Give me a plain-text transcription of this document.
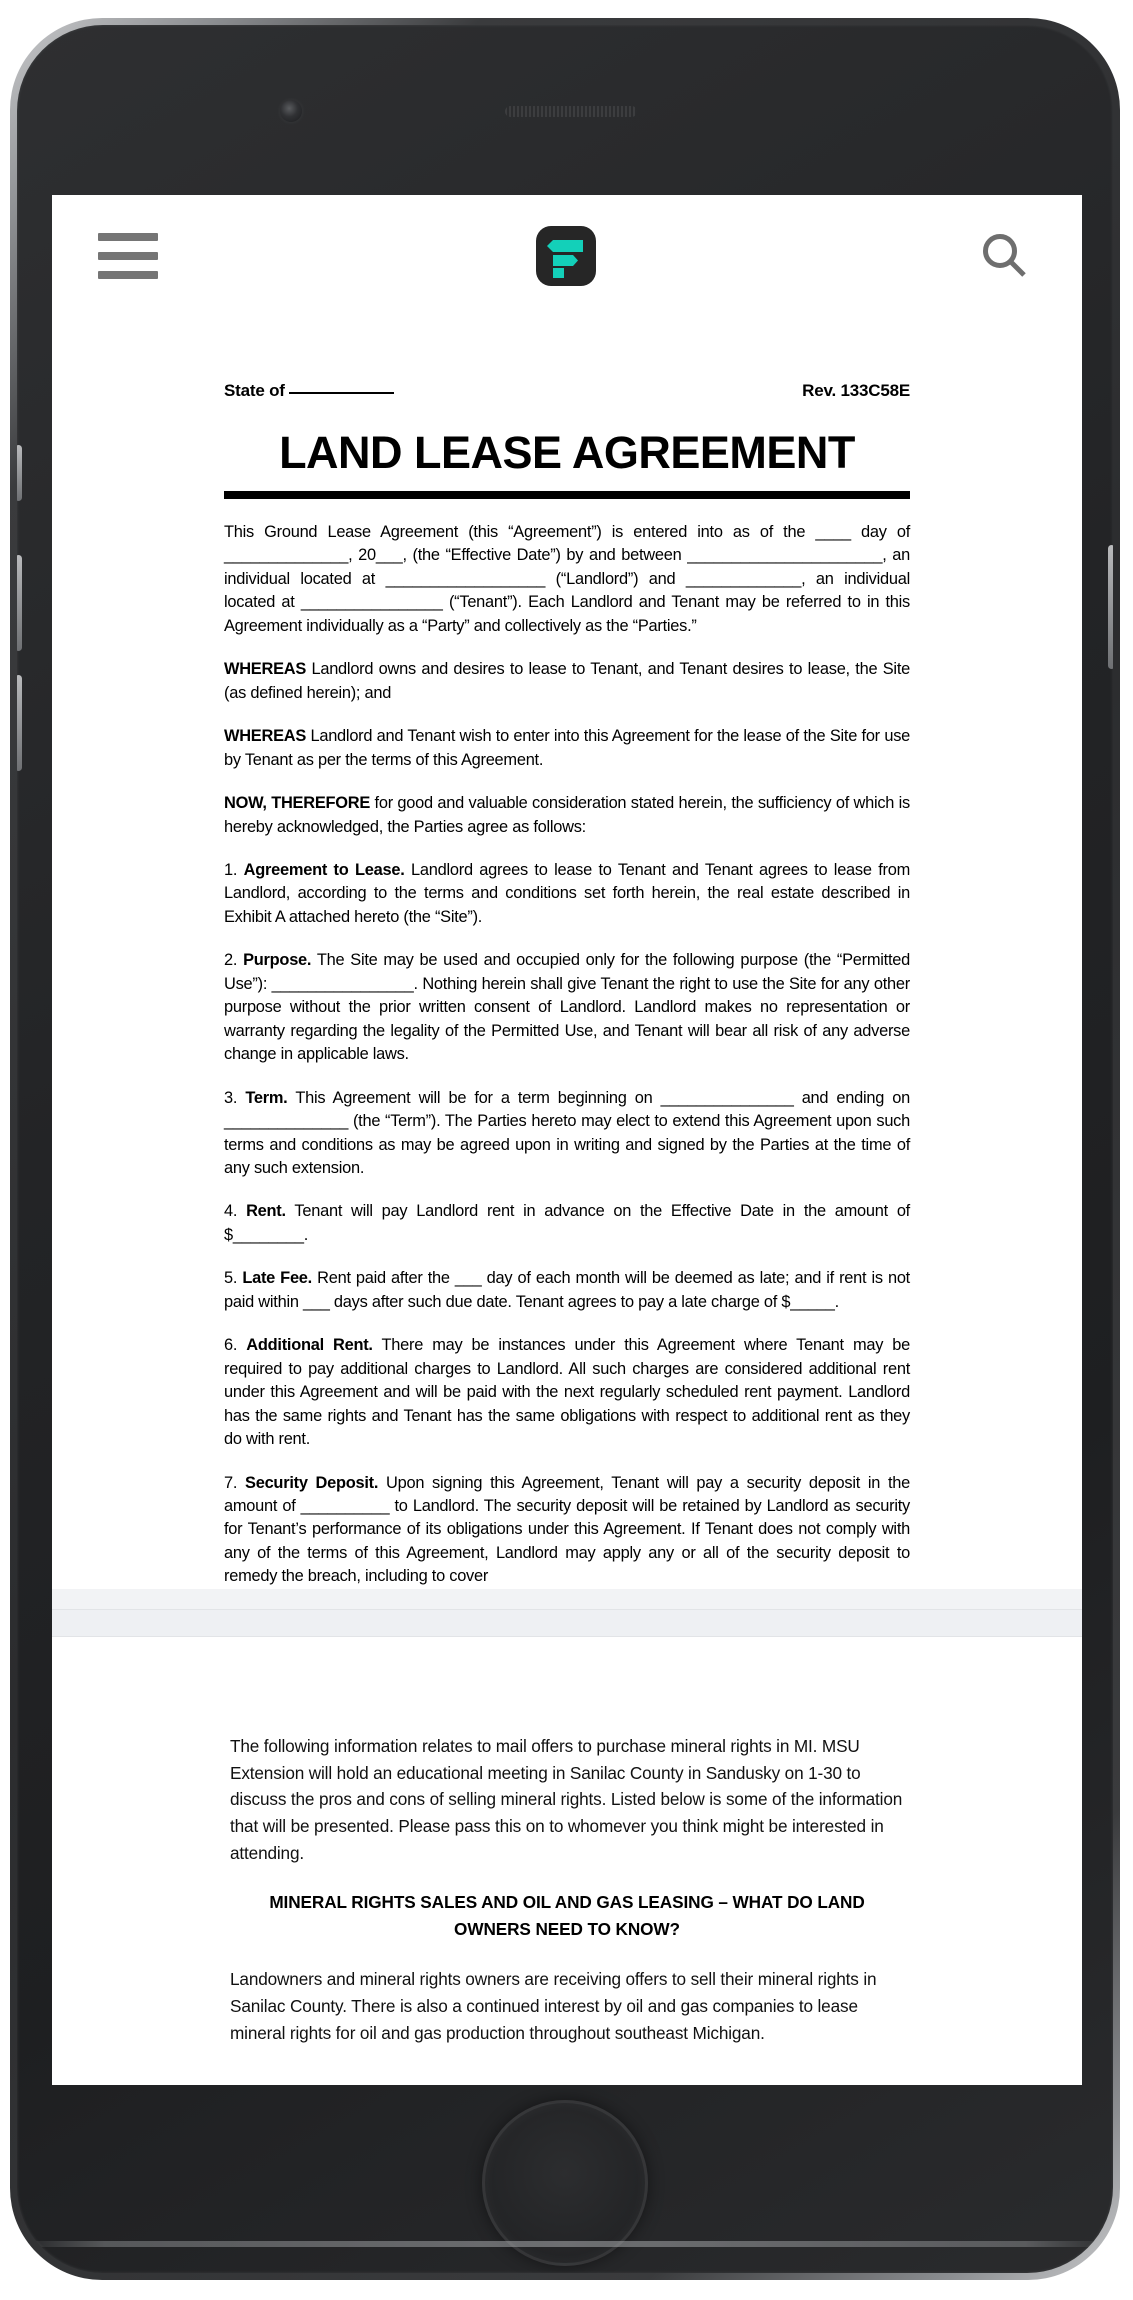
State of	Rev. 133C58E
LAND LEASE AGREEMENT

This Ground Lease Agreement (this “Agreement”) is entered into as of the ____ day of ______________, 20___, (the “Effective Date”) by and between ______________________, an individual located at __________________ (“Landlord”) and _____________, an individual located at ________________ (“Tenant”). Each Landlord and Tenant may be referred to in this Agreement individually as a “Party” and collectively as the “Parties.”

WHEREAS Landlord owns and desires to lease to Tenant, and Tenant desires to lease, the Site (as defined herein); and

WHEREAS Landlord and Tenant wish to enter into this Agreement for the lease of the Site for use by Tenant as per the terms of this Agreement.

NOW, THEREFORE for good and valuable consideration stated herein, the sufficiency of which is hereby acknowledged, the Parties agree as follows:

1. Agreement to Lease. Landlord agrees to lease to Tenant and Tenant agrees to lease from Landlord, according to the terms and conditions set forth herein, the real estate described in Exhibit A attached hereto (the “Site”).

2. Purpose. The Site may be used and occupied only for the following purpose (the “Permitted Use”): ________________. Nothing herein shall give Tenant the right to use the Site for any other purpose without the prior written consent of Landlord. Landlord makes no representation or warranty regarding the legality of the Permitted Use, and Tenant will bear all risk of any adverse change in applicable laws.

3. Term. This Agreement will be for a term beginning on _______________ and ending on ______________ (the “Term”). The Parties hereto may elect to extend this Agreement upon such terms and conditions as may be agreed upon in writing and signed by the Parties at the time of any such extension.

4. Rent. Tenant will pay Landlord rent in advance on the Effective Date in the amount of $________.

5. Late Fee. Rent paid after the ___ day of each month will be deemed as late; and if rent is not paid within ___ days after such due date. Tenant agrees to pay a late charge of $_____.

6. Additional Rent. There may be instances under this Agreement where Tenant may be required to pay additional charges to Landlord. All such charges are considered additional rent under this Agreement and will be paid with the next regularly scheduled rent payment. Landlord has the same rights and Tenant has the same obligations with respect to additional rent as they do with rent.

7. Security Deposit. Upon signing this Agreement, Tenant will pay a security deposit in the amount of __________ to Landlord. The security deposit will be retained by Landlord as security for Tenant’s performance of its obligations under this Agreement. If Tenant does not comply with any of the terms of this Agreement, Landlord may apply any or all of the security deposit to remedy the breach, including to cover

The following information relates to mail offers to purchase mineral rights in MI. MSU Extension will hold an educational meeting in Sanilac County in Sandusky on 1-30 to discuss the pros and cons of selling mineral rights. Listed below is some of the information that will be presented. Please pass this on to whomever you think might be interested in attending.

MINERAL RIGHTS SALES AND OIL AND GAS LEASING – WHAT DO LAND OWNERS NEED TO KNOW?

Landowners and mineral rights owners are receiving offers to sell their mineral rights in Sanilac County. There is also a continued interest by oil and gas companies to lease mineral rights for oil and gas production throughout southeast Michigan.
